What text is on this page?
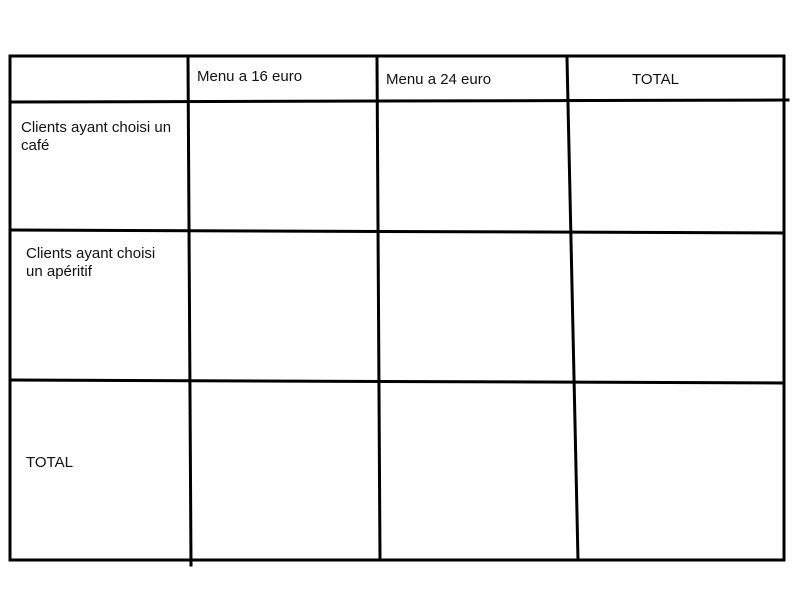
Menu a 16 euro	Menu a 24 euro	TOTAL
Clients ayant choisi un café
Clients ayant choisi un apéritif
TOTAL
